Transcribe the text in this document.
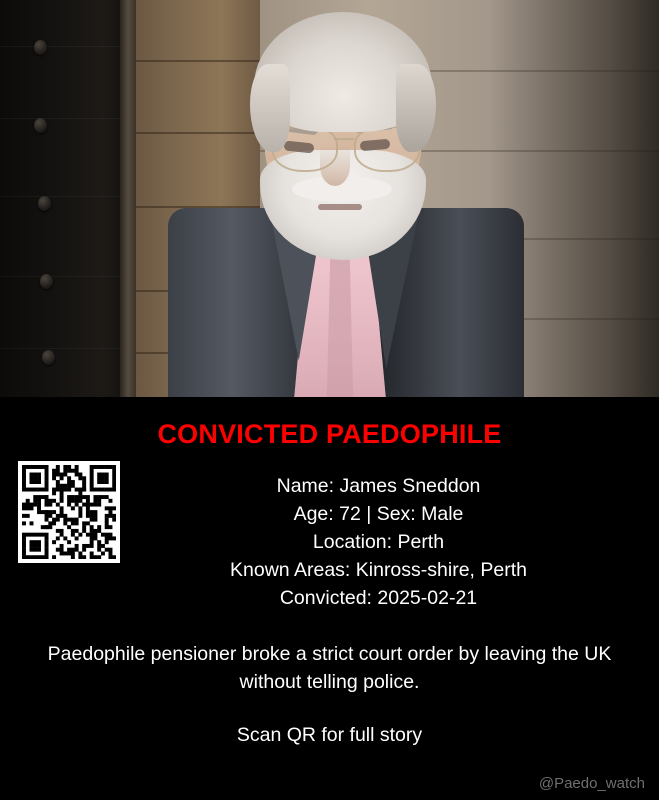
CONVICTED PAEDOPHILE
Name: James Sneddon
Age: 72 | Sex: Male
Location: Perth
Known Areas: Kinross-shire, Perth
Convicted: 2025-02-21
Paedophile pensioner broke a strict court order by leaving the UK without telling police.
Scan QR for full story
@Paedo_watch
